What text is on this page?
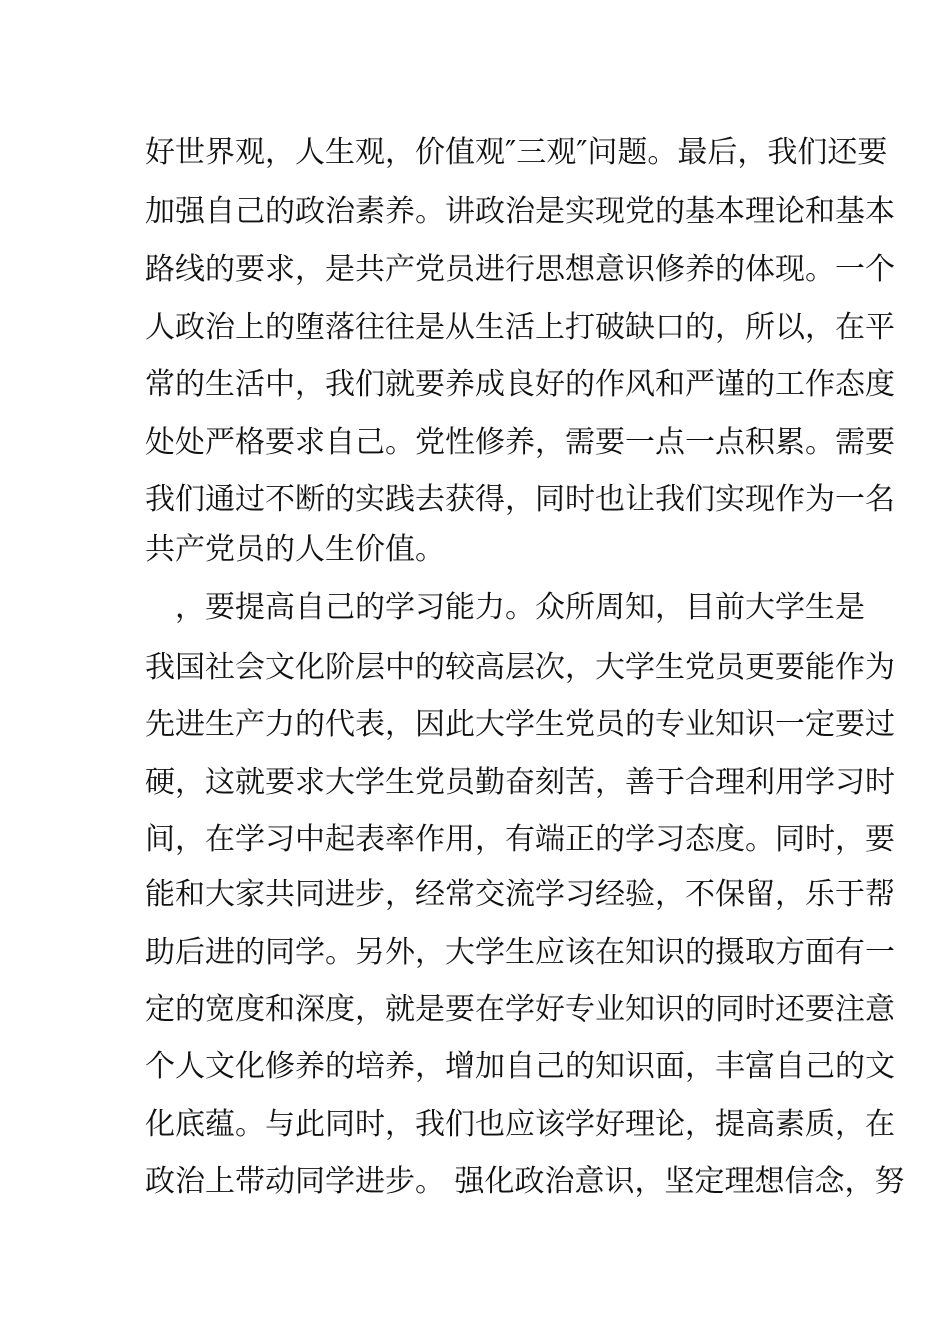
好世界观，人生观，价值观″三观″问题。最后，我们还要
加强自己的政治素养。讲政治是实现党的基本理论和基本
路线的要求，是共产党员进行思想意识修养的体现。一个
人政治上的堕落往往是从生活上打破缺口的，所以，在平
常的生活中，我们就要养成良好的作风和严谨的工作态度
处处严格要求自己。党性修养，需要一点一点积累。需要
我们通过不断的实践去获得，同时也让我们实现作为一名
共产党员的人生价值。
　，要提高自己的学习能力。众所周知，目前大学生是
我国社会文化阶层中的较高层次，大学生党员更要能作为
先进生产力的代表，因此大学生党员的专业知识一定要过
硬，这就要求大学生党员勤奋刻苦，善于合理利用学习时
间，在学习中起表率作用，有端正的学习态度。同时，要
能和大家共同进步，经常交流学习经验，不保留，乐于帮
助后进的同学。另外，大学生应该在知识的摄取方面有一
定的宽度和深度，就是要在学好专业知识的同时还要注意
个人文化修养的培养，增加自己的知识面，丰富自己的文
化底蕴。与此同时，我们也应该学好理论，提高素质，在
政治上带动同学进步。 强化政治意识，坚定理想信念，努
